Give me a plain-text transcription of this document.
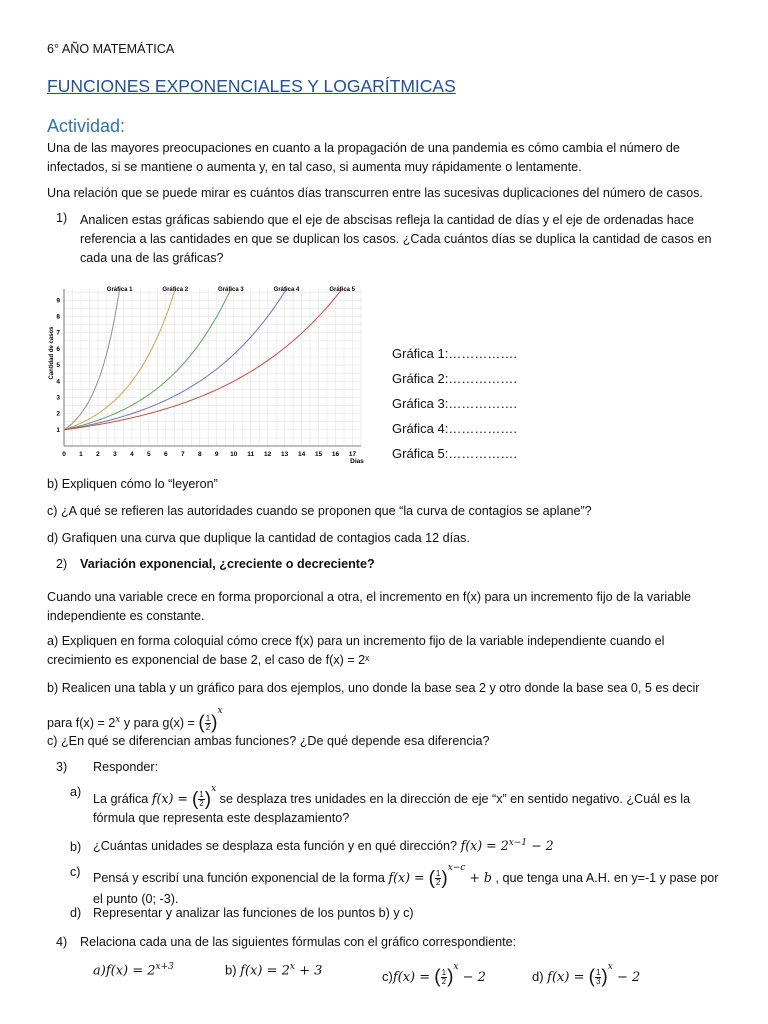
6° AÑO MATEMÁTICA
FUNCIONES EXPONENCIALES Y LOGARÍTMICAS
Actividad:

Una de las mayores preocupaciones en cuanto a la propagación de una pandemia es cómo cambia el número de infectados, si se mantiene o aumenta y, en tal caso, si aumenta muy rápidamente o lentamente.

Una relación que se puede mirar es cuántos días transcurren entre las sucesivas duplicaciones del número de casos.

1) Analicen estas gráficas sabiendo que el eje de abscisas refleja la cantidad de días y el eje de ordenadas hace referencia a las cantidades en que se duplican los casos. ¿Cada cuántos días se duplica la cantidad de casos en cada una de las gráficas?

0 1 2 3 4 5 6 7 8 9 10 11 12 13 14 15 16 17
1
2
3
4
5
6
7
8
9
Gráfica 1	Gráfica 2	Gráfica 3	Gráfica 4	Gráfica 5
Cantidad de casos
Días
Gráfica 1:…………….
Gráfica 2:…………….
Gráfica 3:…………….
Gráfica 4:…………….
Gráfica 5:…………….

b) Expliquen cómo lo “leyeron”

c) ¿A qué se refieren las autoridades cuando se proponen que “la curva de contagios se aplane”?

d) Grafiquen una curva que duplique la cantidad de contagios cada 12 días.

2) Variación exponencial, ¿creciente o decreciente?

Cuando una variable crece en forma proporcional a otra, el incremento en f(x) para un incremento fijo de la variable independiente es constante.

a) Expliquen en forma coloquial cómo crece f(x) para un incremento fijo de la variable independiente cuando el crecimiento es exponencial de base 2, el caso de f(x) = 2ˣ

b) Realicen una tabla y un gráfico para dos ejemplos, uno donde la base sea 2 y otro donde la base sea 0, 5 es decir

para $f(x) = 2^x$ y para g(x) = ( $\frac{1}{2} )^x$

c) ¿En qué se diferencian ambas funciones? ¿De qué depende esa diferencia?

3) Responder:
a) La gráfica f(x) = ( $\frac{1}{2} )^x$ se desplaza tres unidades en la dirección de eje “x” en sentido negativo. ¿Cuál es la fórmula que representa este desplazamiento?
b) ¿Cuántas unidades se desplaza esta función y en qué dirección? $f(x) = 2^{x-1} - 2$
c) Pensá y escribí una función exponencial de la forma f(x) = ( $\frac{1}{2} )^{x-c} + b$ , que tenga una A.H. en y=-1 y pase por el punto (0; -3).
d) Representar y analizar las funciones de los puntos b) y c)
4) Relaciona cada una de las siguientes fórmulas con el gráfico correspondiente:
$a)f(x) = 2^{x+3}$	b) $f(x) = 2^x + 3$	c)f(x) = ( $\frac{1}{2} )^x - 2$	d) f(x) = ( $\frac{1}{3} )^x - 2$
